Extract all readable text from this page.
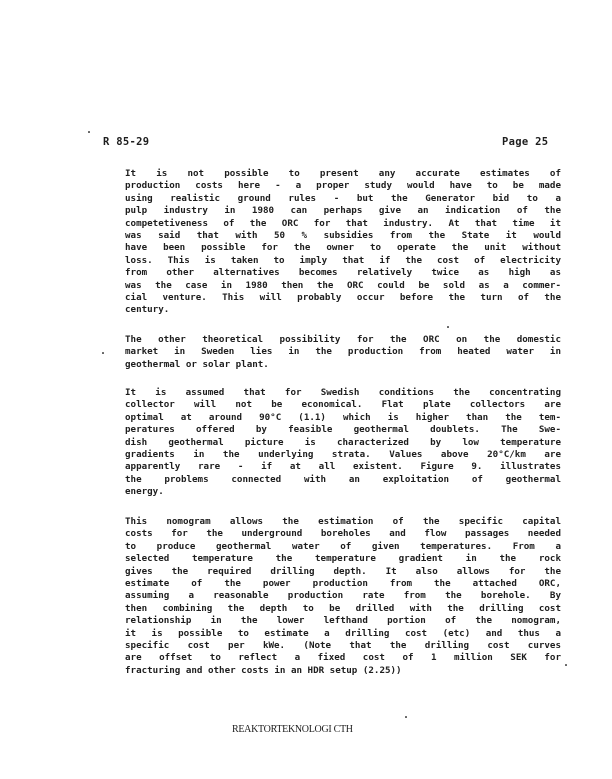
R 85-29	Page 25
It is not possible to present any accurate estimates of
production costs here - a proper study would have to be made
using realistic ground rules - but the Generator bid to a
pulp industry in 1980 can perhaps give an indication of the
competetiveness of the ORC for that industry. At that time it
was said that with 50 % subsidies from the State it would
have been possible for the owner to operate the unit without
loss. This is taken to imply that if the cost of electricity
from other alternatives becomes relatively twice as high as
was the case in 1980 then the ORC could be sold as a commer-
cial venture. This will probably occur before the turn of the
century.
The other theoretical possibility for the ORC on the domestic
market in Sweden lies in the production from heated water in
geothermal or solar plant.
It is assumed that for Swedish conditions the concentrating
collector will not be economical. Flat plate collectors are
optimal at around 90°C (1.1) which is higher than the tem-
peratures offered by feasible geothermal doublets. The Swe-
dish geothermal picture is characterized by low temperature
gradients in the underlying strata. Values above 20°C/km are
apparently rare - if at all existent. Figure 9. illustrates
the problems connected with an exploitation of geothermal
energy.
This nomogram allows the estimation of the specific capital
costs for the underground boreholes and flow passages needed
to produce geothermal water of given temperatures. From a
selected temperature the temperature gradient in the rock
gives the required drilling depth. It also allows for the
estimate of the power production from the attached ORC,
assuming a reasonable production rate from the borehole. By
then combining the depth to be drilled with the drilling cost
relationship in the lower lefthand portion of the nomogram,
it is possible to estimate a drilling cost (etc) and thus a
specific cost per kWe. (Note that the drilling cost curves
are offset to reflect a fixed cost of 1 million SEK for
fracturing and other costs in an HDR setup (2.25))
REAKTORTEKNOLOGI CTH
